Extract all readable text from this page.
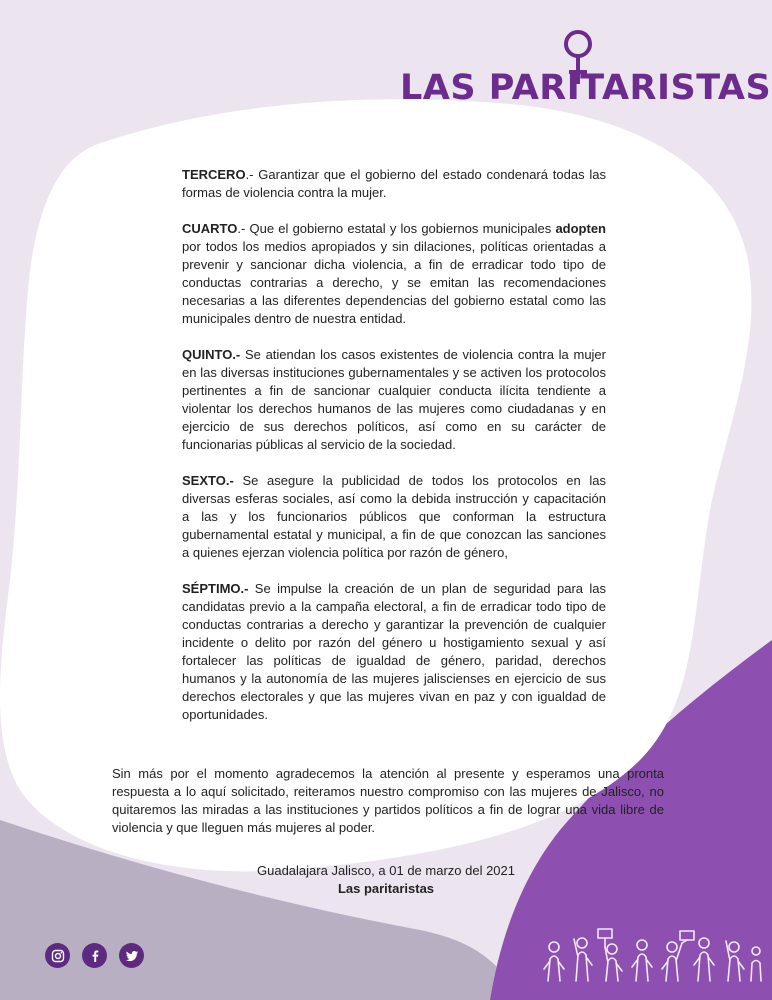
LAS PARITARISTAS

TERCERO.- Garantizar que el gobierno del estado condenará todas las formas de violencia contra la mujer.

CUARTO.- Que el gobierno estatal y los gobiernos municipales adopten por todos los medios apropiados y sin dilaciones, políticas orientadas a prevenir y sancionar dicha violencia, a fin de erradicar todo tipo de conductas contrarias a derecho, y se emitan las recomendaciones necesarias a las diferentes dependencias del gobierno estatal como las municipales dentro de nuestra entidad.

QUINTO.- Se atiendan los casos existentes de violencia contra la mujer en las diversas instituciones gubernamentales y se activen los protocolos pertinentes a fin de sancionar cualquier conducta ilícita tendiente a violentar los derechos humanos de las mujeres como ciudadanas y en ejercicio de sus derechos políticos, así como en su carácter de funcionarias públicas al servicio de la sociedad.

SEXTO.- Se asegure la publicidad de todos los protocolos en las diversas esferas sociales, así como la debida instrucción y capacitación a las y los funcionarios públicos que conforman la estructura gubernamental estatal y municipal, a fin de que conozcan las sanciones a quienes ejerzan violencia política por razón de género,

SÉPTIMO.- Se impulse la creación de un plan de seguridad para las candidatas previo a la campaña electoral, a fin de erradicar todo tipo de conductas contrarias a derecho y garantizar la prevención de cualquier incidente o delito por razón del género u hostigamiento sexual y así fortalecer las políticas de igualdad de género, paridad, derechos humanos y la autonomía de las mujeres jaliscienses en ejercicio de sus derechos electorales y que las mujeres vivan en paz y con igualdad de oportunidades.

Sin más por el momento agradecemos la atención al presente y esperamos una pronta respuesta a lo aquí solicitado, reiteramos nuestro compromiso con las mujeres de Jalisco, no quitaremos las miradas a las instituciones y partidos políticos a fin de lograr una vida libre de violencia y que lleguen más mujeres al poder.

Guadalajara Jalisco, a 01 de marzo del 2021
Las paritaristas
